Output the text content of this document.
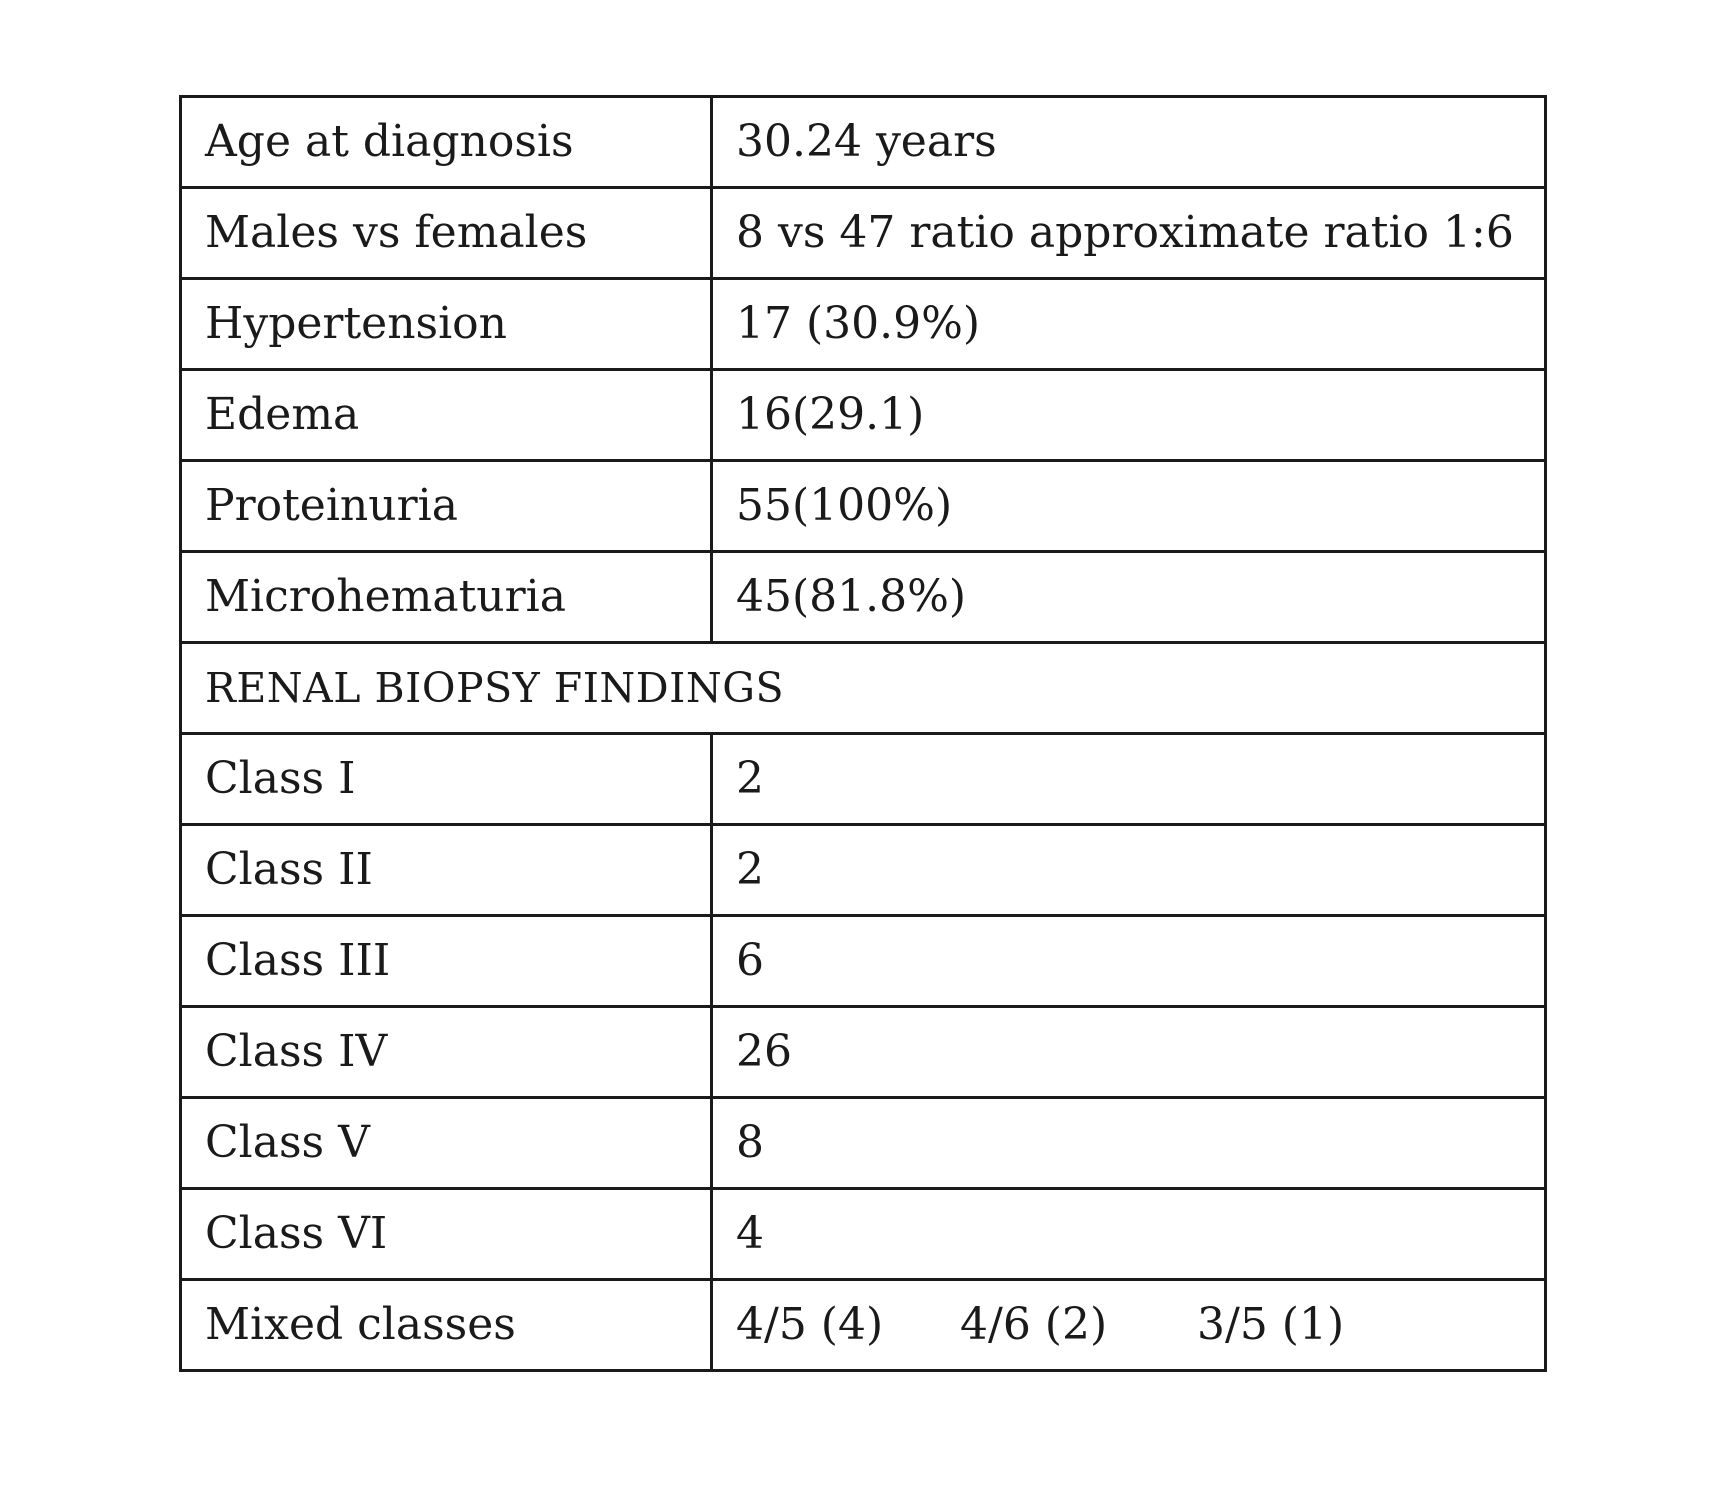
Age at diagnosis	30.24 years
Males vs females	8 vs 47 ratio approximate ratio 1:6
Hypertension	17 (30.9%)
Edema	16(29.1)
Proteinuria	55(100%)
Microhematuria	45(81.8%)
RENAL BIOPSY FINDINGS	
Class I	2
Class II	2
Class III	6
Class IV	26
Class V	8
Class VI	4
Mixed classes	4/5 (4) 4/6 (2) 3/5 (1)
